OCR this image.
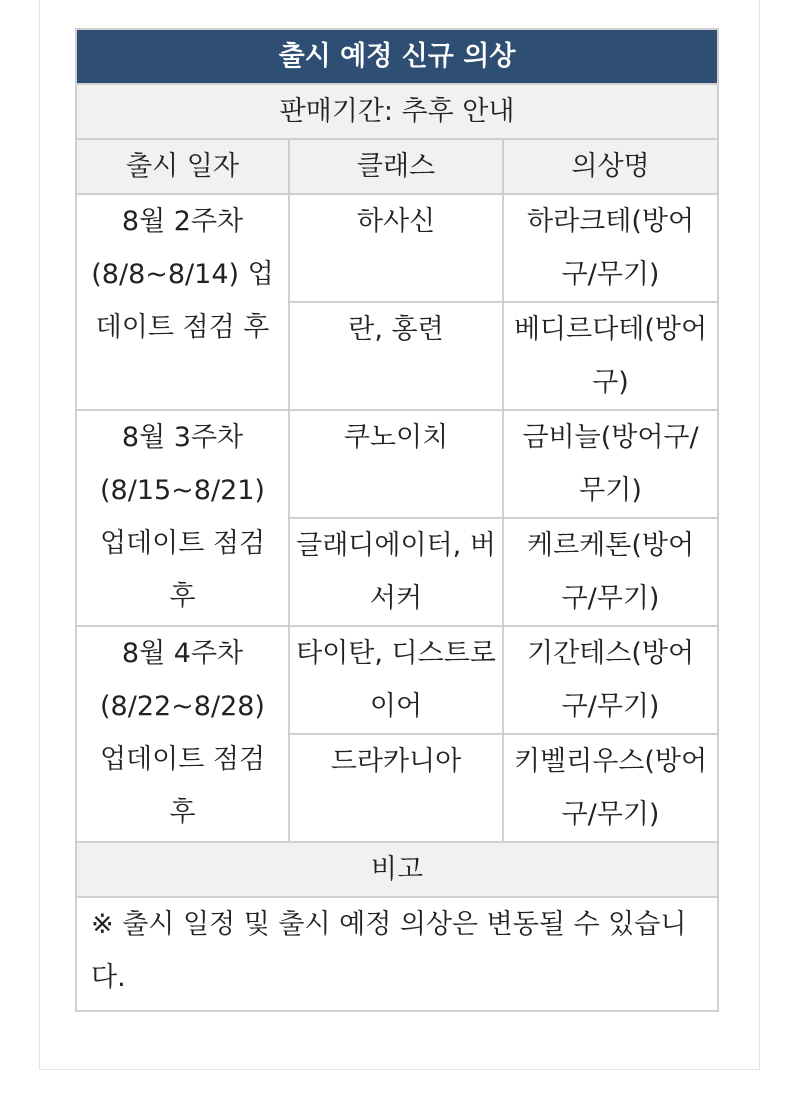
출시 예정 신규 의상		
판매기간: 추후 안내		
출시 일자	클래스	의상명
8월 2주차 (8/8~8/14) 업데이트 점검 후	하사신	하라크테(방어구/무기)
	란, 홍련	베디르다테(방어구)
8월 3주차 (8/15~8/21) 업데이트 점검 후	쿠노이치	금비늘(방어구/무기)
	글래디에이터, 버서커	케르케톤(방어구/무기)
8월 4주차 (8/22~8/28) 업데이트 점검 후	타이탄, 디스트로이어	기간테스(방어구/무기)
	드라카니아	키벨리우스(방어구/무기)
비고		
※ 출시 일정 및 출시 예정 의상은 변동될 수 있습니다.		
